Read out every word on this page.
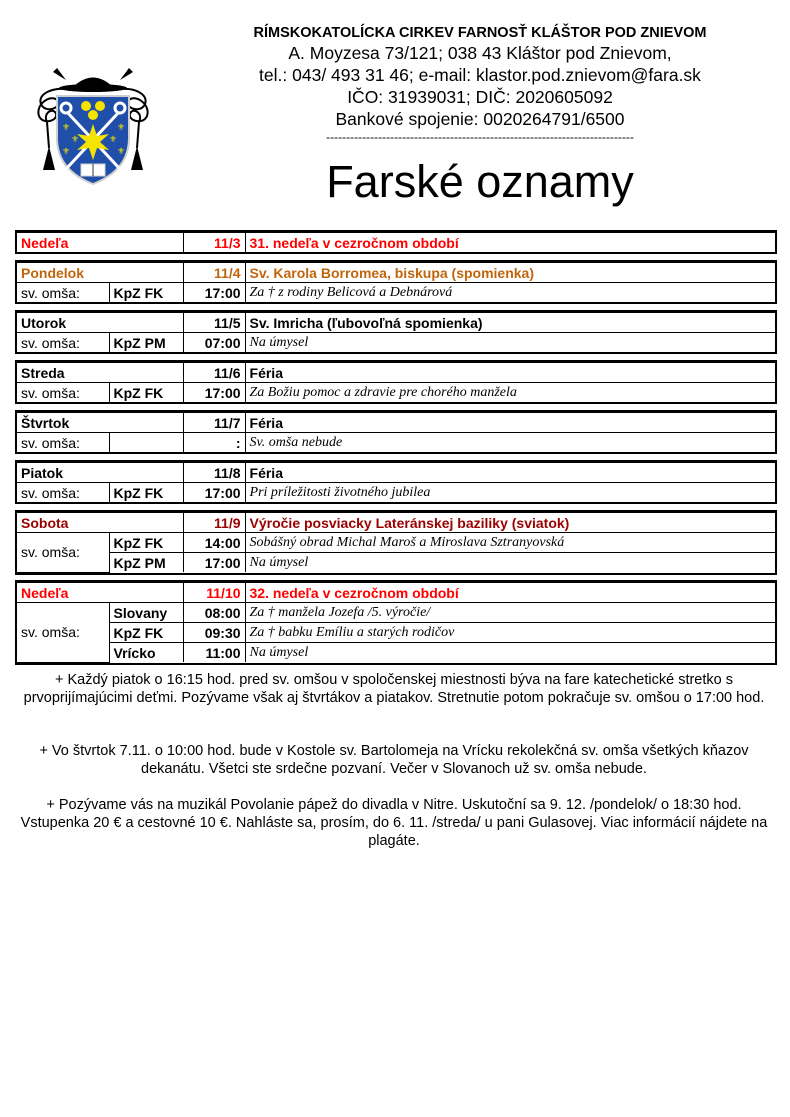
⚜
⚜
⚜
⚜
⚜
⚜
RÍMSKOKATOLÍCKA CIRKEV FARNOSŤ KLÁŠTOR POD ZNIEVOM
A. Moyzesa 73/121; 038 43 Kláštor pod Znievom,
tel.: 043/ 493 31 46; e-mail: klastor.pod.znievom@fara.sk
IČO: 31939031; DIČ: 2020605092
Bankové spojenie: 0020264791/6500
-----------------------------------------------------------------------------
Farské oznamy
Nedeľa	11/3	31. nedeľa v cezročnom období
Pondelok		11/4	Sv. Karola Borromea, biskupa (spomienka)
sv. omša:	KpZ FK	17:00	Za † z rodiny Belicová a Debnárová
Utorok		11/5	Sv. Imricha (ľubovoľná spomienka)
sv. omša:	KpZ PM	07:00	Na úmysel
Streda		11/6	Féria
sv. omša:	KpZ FK	17:00	Za Božiu pomoc a zdravie pre chorého manžela
Štvrtok		11/7	Féria
sv. omša:		:	Sv. omša nebude
Piatok		11/8	Féria
sv. omša:	KpZ FK	17:00	Pri príležitosti životného jubilea
Sobota		11/9	Výročie posviacky Lateránskej baziliky (sviatok)
sv. omša:	KpZ FK	14:00	Sobášný obrad Michal Maroš a Miroslava Sztranyovská
	KpZ PM	17:00	Na úmysel
Nedeľa		11/10	32. nedeľa v cezročnom období
sv. omša:	Slovany	08:00	Za † manžela Jozefa /5. výročie/
	KpZ FK	09:30	Za † babku Emíliu a starých rodičov
	Vrícko	11:00	Na úmysel
+ Každý piatok o 16:15 hod. pred sv. omšou v spoločenskej miestnosti býva na fare katechetické stretko s prvoprijímajúcimi deťmi. Pozývame však aj štvrtákov a piatakov. Stretnutie potom pokračuje sv. omšou o 17:00 hod.
+ Vo štvrtok 7.11. o 10:00 hod. bude v Kostole sv. Bartolomeja na Vrícku rekolekčná sv. omša všetkých kňazov dekanátu. Všetci ste srdečne pozvaní. Večer v Slovanoch už sv. omša nebude.
+ Pozývame vás na muzikál Povolanie pápež do divadla v Nitre. Uskutoční sa 9. 12. /pondelok/ o 18:30 hod. Vstupenka 20 € a cestovné 10 €. Nahláste sa, prosím, do 6. 11. /streda/ u pani Gulasovej. Viac informácií nájdete na plagáte.
